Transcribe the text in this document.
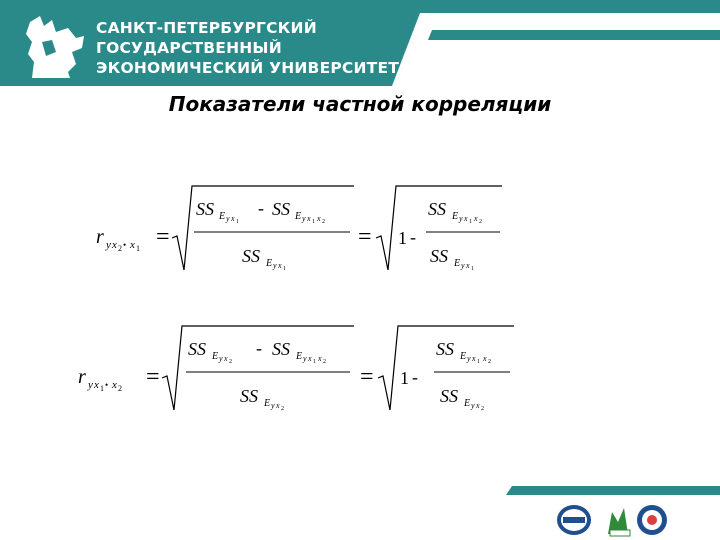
САНКТ-ПЕТЕРБУРГСКИЙ
ГОСУДАРСТВЕННЫЙ
ЭКОНОМИЧЕСКИЙ УНИВЕРСИТЕТ
Показатели частной корреляции
r y x 2 • x 1 =
SS E y x 1
- SS E y x 1 x 2
SS E y x 1
= 1 -
SS E y x 1 x 2
SS E y x 1
r y x 1 • x 2 =
SS E y x 2
- SS E y x 1 x 2
SS E y x 2
= 1 -
SS E y x 1 x 2
SS E y x 2
